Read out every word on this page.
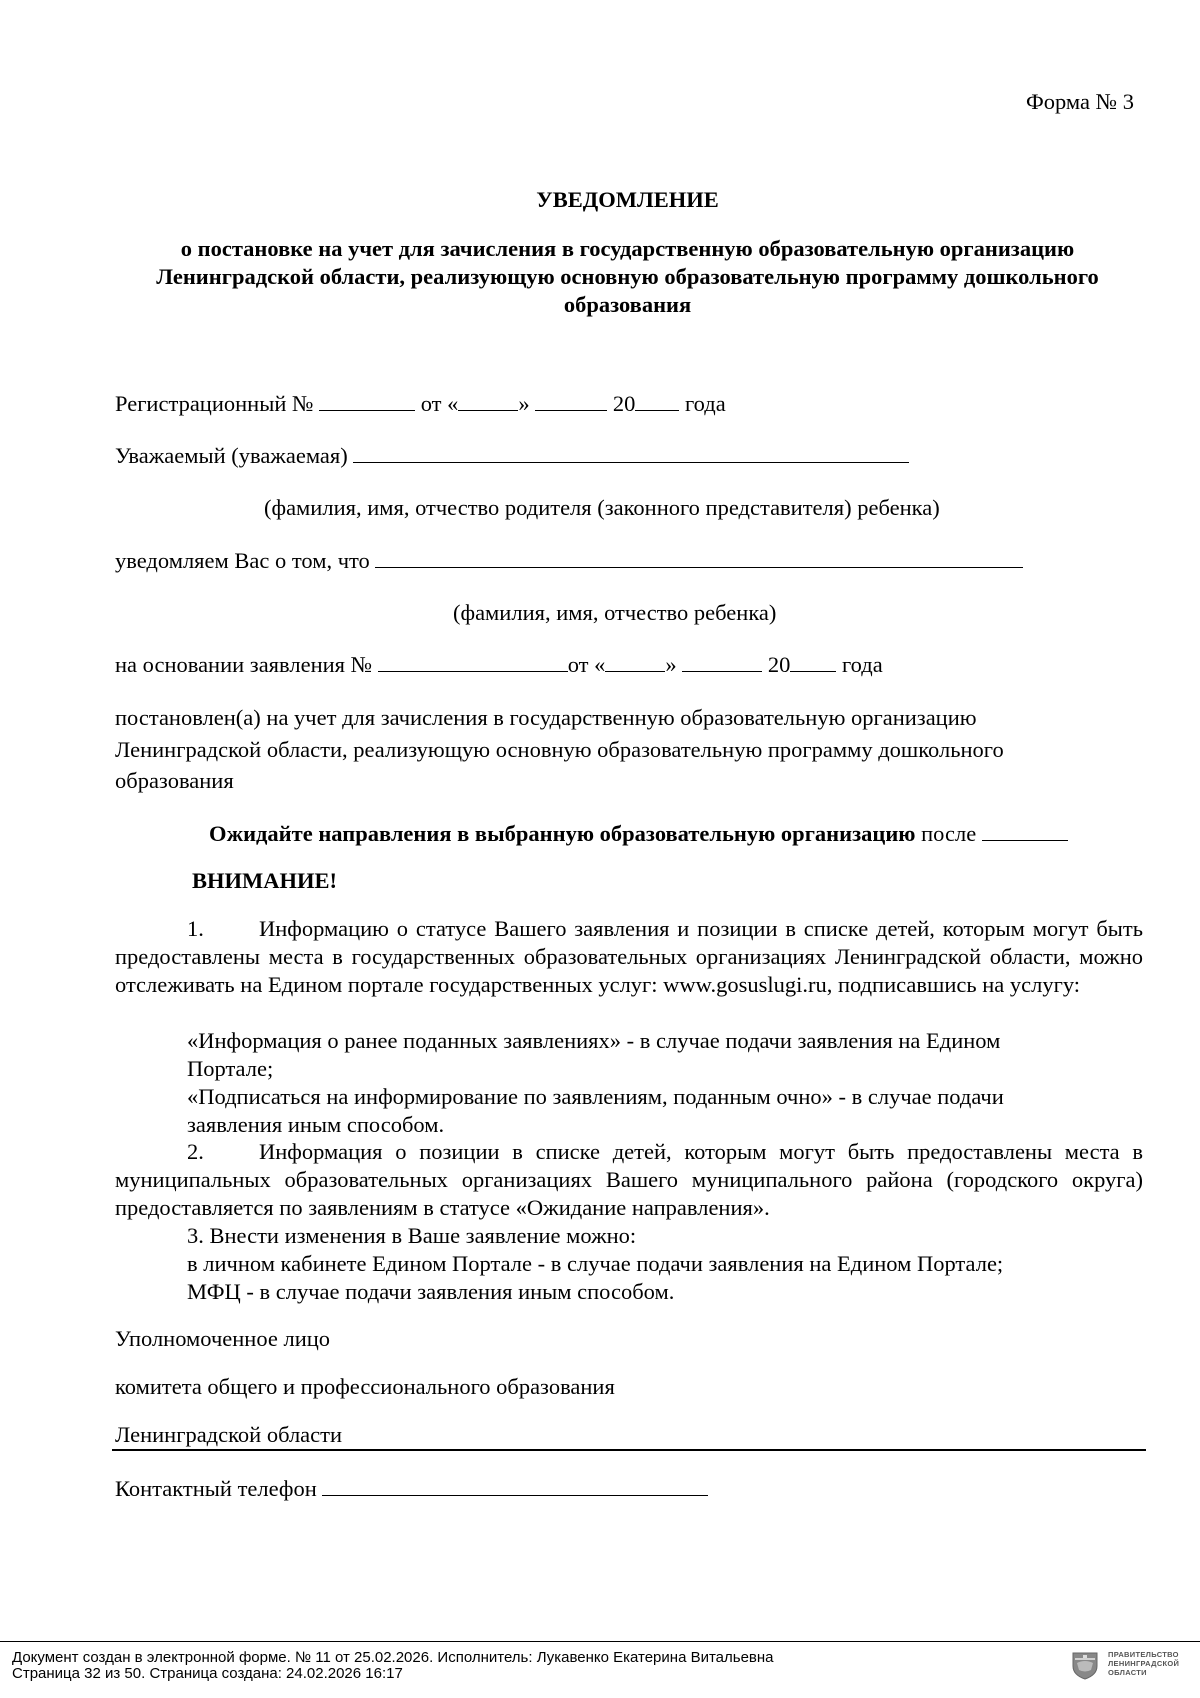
Форма № 3
УВЕДОМЛЕНИЕ
о постановке на учет для зачисления в государственную образовательную организацию
Ленинградской области, реализующую основную образовательную программу дошкольного
образования
Регистрационный №	от «	»	20 года
Уважаемый (уважаемая)
(фамилия, имя, отчество родителя (законного представителя) ребенка)
уведомляем Вас о том, что
(фамилия, имя, отчество ребенка)
на основании заявления №	от «	»	20 года
постановлен(а) на учет для зачисления в государственную образовательную организацию
Ленинградской области, реализующую основную образовательную программу дошкольного
образования
Ожидайте направления в выбранную образовательную организацию после
ВНИМАНИЕ!
1. Информацию о статусе Вашего заявления и позиции в списке детей, которым могут быть предоставлены места в государственных образовательных организациях Ленинградской области, можно отслеживать на Едином портале государственных услуг: www.gosuslugi.ru, подписавшись на услугу:
«Информация о ранее поданных заявлениях» - в случае подачи заявления на Едином
Портале;
«Подписаться на информирование по заявлениям, поданным очно» - в случае подачи
заявления иным способом.
2. Информация о позиции в списке детей, которым могут быть предоставлены места в муниципальных образовательных организациях Вашего муниципального района (городского округа) предоставляется по заявлениям в статусе «Ожидание направления».
3. Внести изменения в Ваше заявление можно:
в личном кабинете Едином Портале - в случае подачи заявления на Едином Портале;
МФЦ - в случае подачи заявления иным способом.
Уполномоченное лицо
комитета общего и профессионального образования
Ленинградской области
Контактный телефон
Документ создан в электронной форме. № 11 от 25.02.2026. Исполнитель: Лукавенко Екатерина Витальевна
Страница 32 из 50. Страница создана: 24.02.2026 16:17
ПРАВИТЕЛЬСТВО
ЛЕНИНГРАДСКОЙ
ОБЛАСТИ
